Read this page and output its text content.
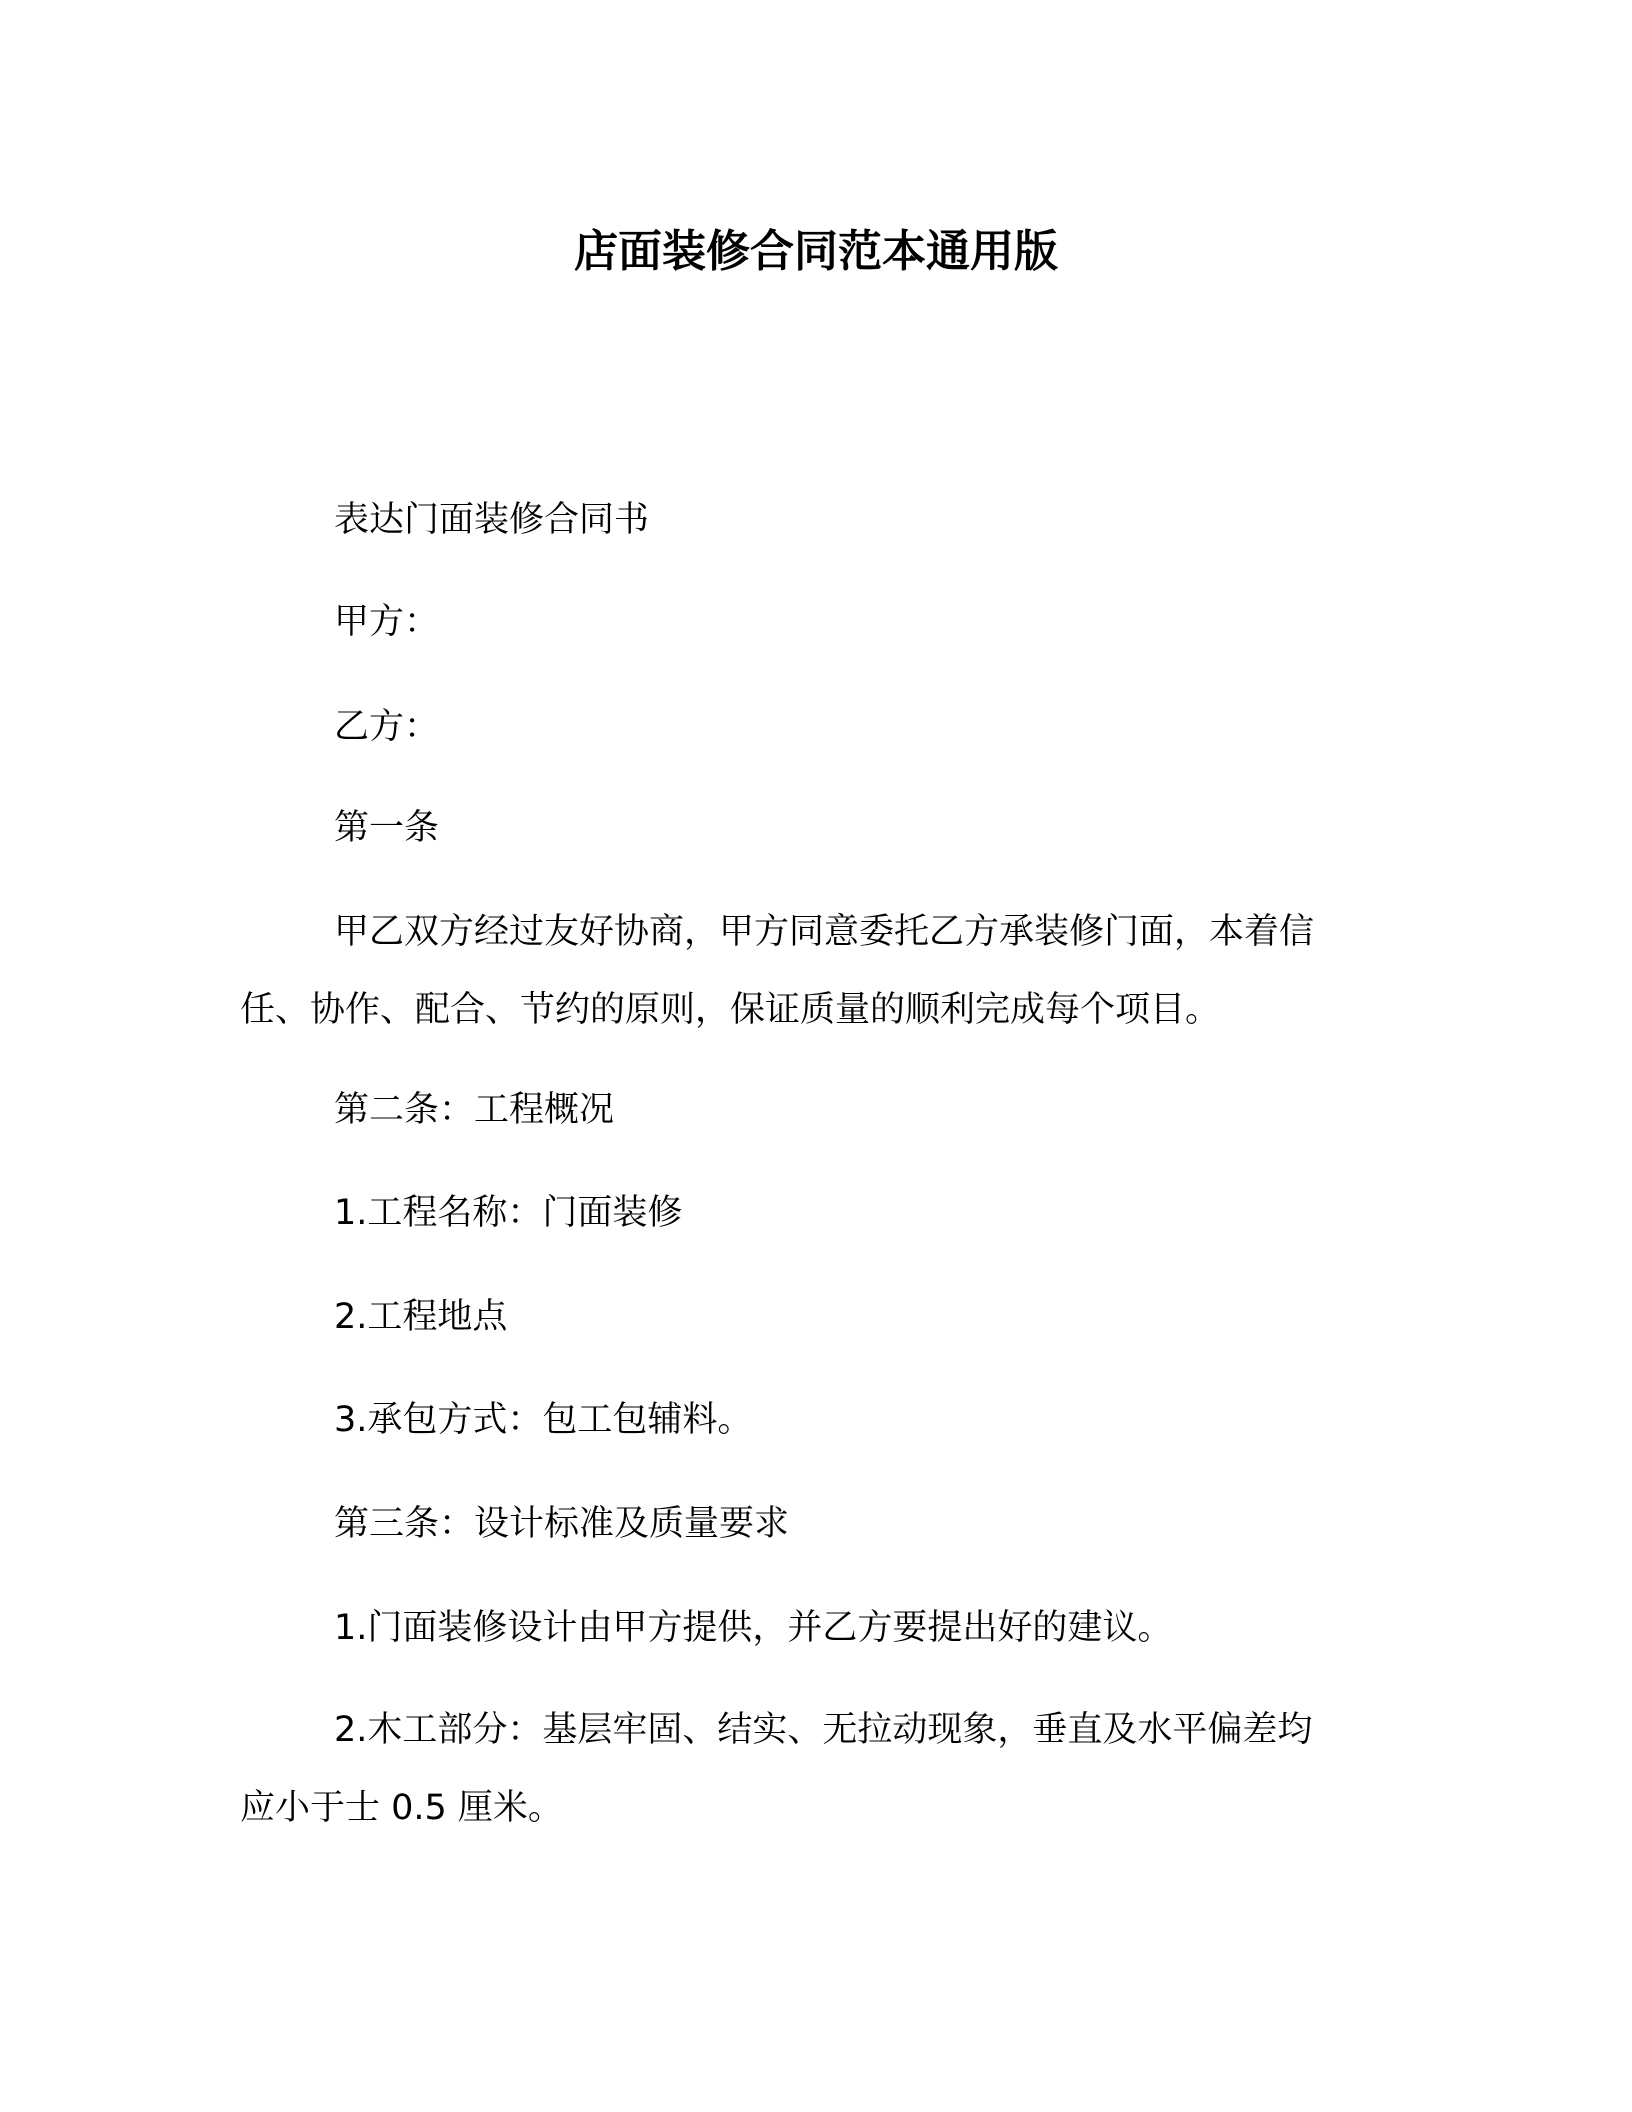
店面装修合同范本通用版
表达门面装修合同书
甲方：
乙方：
第一条
甲乙双方经过友好协商，甲方同意委托乙方承装修门面，本着信
任、协作、配合、节约的原则，保证质量的顺利完成每个项目。
第二条：工程概况
1.工程名称：门面装修
2.工程地点
3.承包方式：包工包辅料。
第三条：设计标准及质量要求
1.门面装修设计由甲方提供，并乙方要提出好的建议。
2.木工部分：基层牢固、结实、无拉动现象，垂直及水平偏差均
应小于士 0.5 厘米。
